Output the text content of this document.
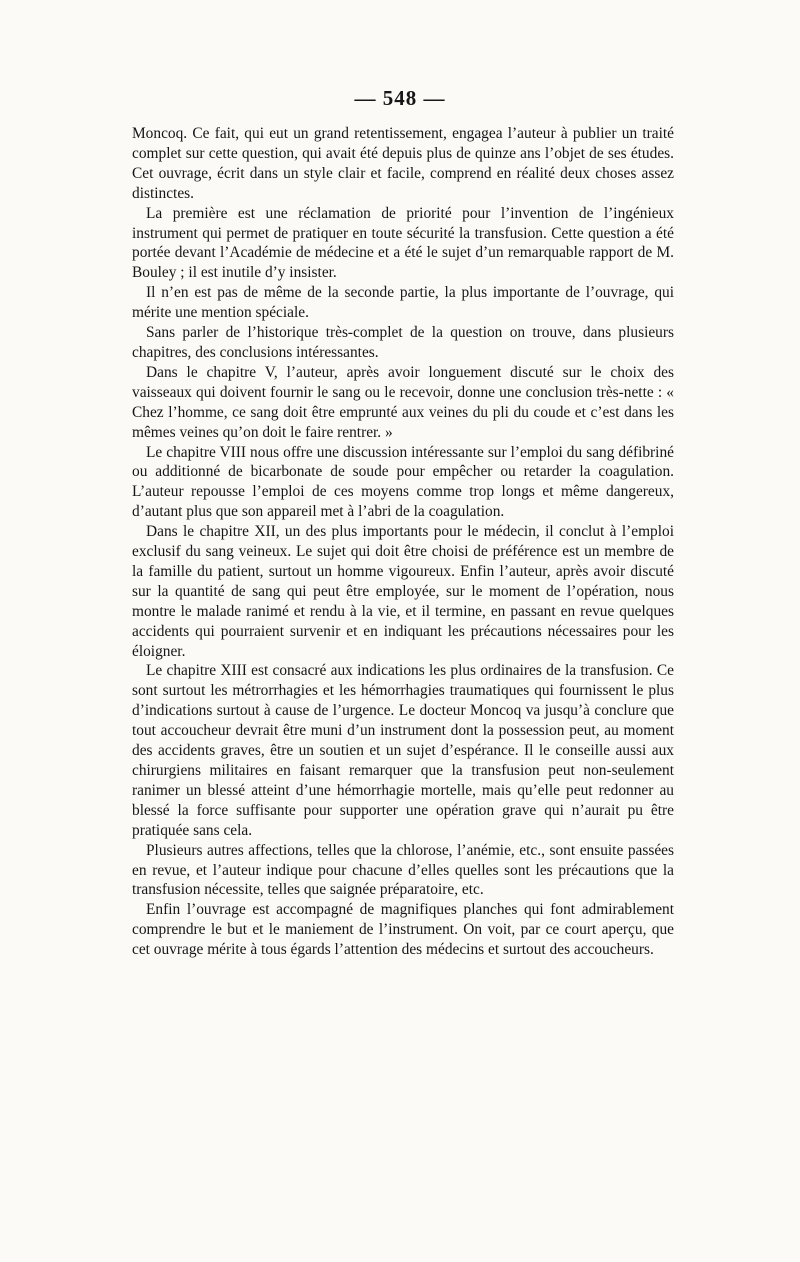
— 548 —

Moncoq. Ce fait, qui eut un grand retentissement, engagea l’auteur à publier un traité complet sur cette question, qui avait été depuis plus de quinze ans l’objet de ses études. Cet ouvrage, écrit dans un style clair et facile, comprend en réalité deux choses assez distinctes.

La première est une réclamation de priorité pour l’invention de l’ingénieux instrument qui permet de pratiquer en toute sécurité la transfusion. Cette question a été portée devant l’Académie de médecine et a été le sujet d’un remarquable rapport de M. Bouley ; il est inutile d’y insister.

Il n’en est pas de même de la seconde partie, la plus importante de l’ouvrage, qui mérite une mention spéciale.

Sans parler de l’historique très-complet de la question on trouve, dans plusieurs chapitres, des conclusions intéressantes.

Dans le chapitre V, l’auteur, après avoir longuement discuté sur le choix des vaisseaux qui doivent fournir le sang ou le recevoir, donne une conclusion très-nette : « Chez l’homme, ce sang doit être emprunté aux veines du pli du coude et c’est dans les mêmes veines qu’on doit le faire rentrer. »

Le chapitre VIII nous offre une discussion intéressante sur l’emploi du sang défibriné ou additionné de bicarbonate de soude pour empêcher ou retarder la coagulation. L’auteur repousse l’emploi de ces moyens comme trop longs et même dangereux, d’autant plus que son appareil met à l’abri de la coagulation.

Dans le chapitre XII, un des plus importants pour le médecin, il conclut à l’emploi exclusif du sang veineux. Le sujet qui doit être choisi de préférence est un membre de la famille du patient, surtout un homme vigoureux. Enfin l’auteur, après avoir discuté sur la quantité de sang qui peut être employée, sur le moment de l’opération, nous montre le malade ranimé et rendu à la vie, et il termine, en passant en revue quelques accidents qui pourraient survenir et en indiquant les précautions nécessaires pour les éloigner.

Le chapitre XIII est consacré aux indications les plus ordinaires de la transfusion. Ce sont surtout les métrorrhagies et les hémorrhagies traumatiques qui fournissent le plus d’indications surtout à cause de l’urgence. Le docteur Moncoq va jusqu’à conclure que tout accoucheur devrait être muni d’un instrument dont la possession peut, au moment des accidents graves, être un soutien et un sujet d’espérance. Il le conseille aussi aux chirurgiens militaires en faisant remarquer que la transfusion peut non-seulement ranimer un blessé atteint d’une hémorrhagie mortelle, mais qu’elle peut redonner au blessé la force suffisante pour supporter une opération grave qui n’aurait pu être pratiquée sans cela.

Plusieurs autres affections, telles que la chlorose, l’anémie, etc., sont ensuite passées en revue, et l’auteur indique pour chacune d’elles quelles sont les précautions que la transfusion nécessite, telles que saignée préparatoire, etc.

Enfin l’ouvrage est accompagné de magnifiques planches qui font admirablement comprendre le but et le maniement de l’instrument. On voit, par ce court aperçu, que cet ouvrage mérite à tous égards l’attention des médecins et surtout des accoucheurs.
